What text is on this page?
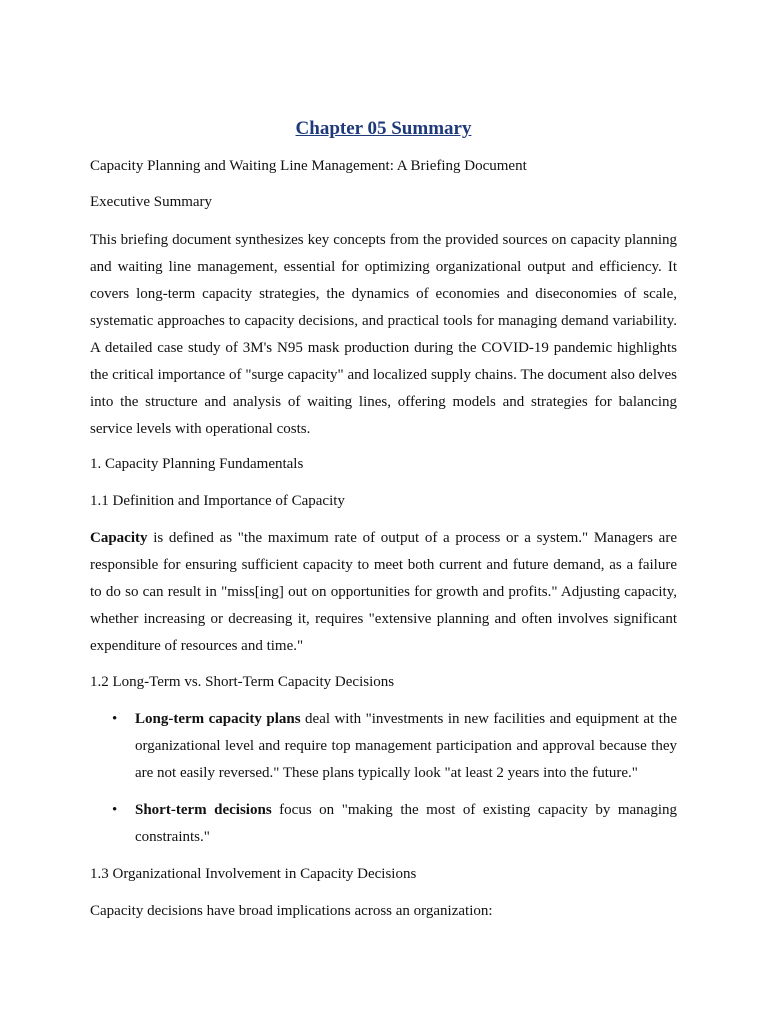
Chapter 05 Summary

Capacity Planning and Waiting Line Management: A Briefing Document

Executive Summary

This briefing document synthesizes key concepts from the provided sources on capacity planning and waiting line management, essential for optimizing organizational output and efficiency. It covers long-term capacity strategies, the dynamics of economies and diseconomies of scale, systematic approaches to capacity decisions, and practical tools for managing demand variability. A detailed case study of 3M's N95 mask production during the COVID-19 pandemic highlights the critical importance of "surge capacity" and localized supply chains. The document also delves into the structure and analysis of waiting lines, offering models and strategies for balancing service levels with operational costs.

1. Capacity Planning Fundamentals

1.1 Definition and Importance of Capacity

Capacity is defined as "the maximum rate of output of a process or a system." Managers are responsible for ensuring sufficient capacity to meet both current and future demand, as a failure to do so can result in "miss[ing] out on opportunities for growth and profits." Adjusting capacity, whether increasing or decreasing it, requires "extensive planning and often involves significant expenditure of resources and time."

1.2 Long-Term vs. Short-Term Capacity Decisions

• Long-term capacity plans deal with "investments in new facilities and equipment at the organizational level and require top management participation and approval because they are not easily reversed." These plans typically look "at least 2 years into the future."
• Short-term decisions focus on "making the most of existing capacity by managing constraints."

1.3 Organizational Involvement in Capacity Decisions

Capacity decisions have broad implications across an organization:
